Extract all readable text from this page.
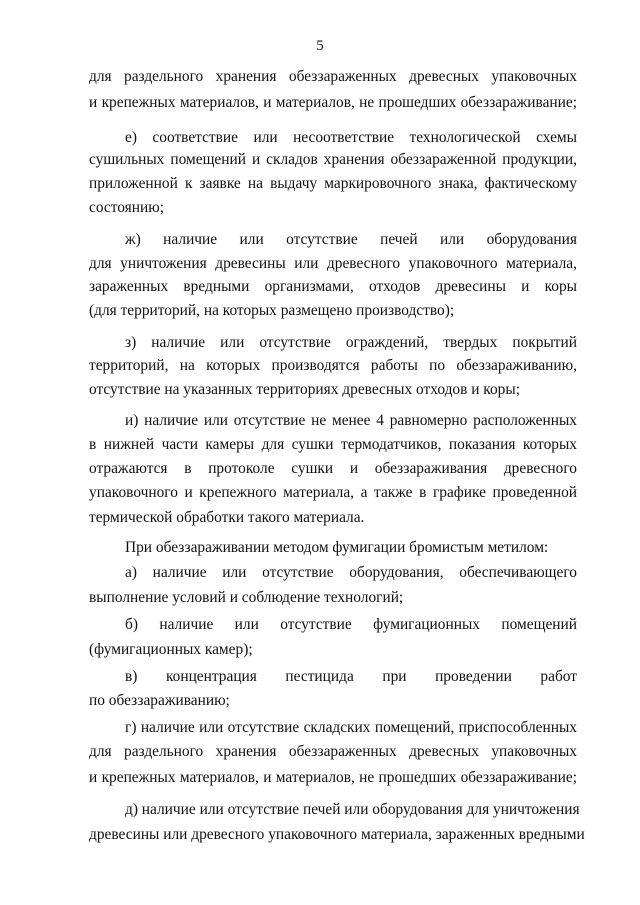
5
для раздельного хранения обеззараженных древесных упаковочных
и крепежных материалов, и материалов, не прошедших обеззараживание;
е) соответствие или несоответствие технологической схемы
сушильных помещений и складов хранения обеззараженной продукции,
приложенной к заявке на выдачу маркировочного знака, фактическому
состоянию;
ж) наличие или отсутствие печей или оборудования
для уничтожения древесины или древесного упаковочного материала,
зараженных вредными организмами, отходов древесины и коры
(для территорий, на которых размещено производство);
з) наличие или отсутствие ограждений, твердых покрытий
территорий, на которых производятся работы по обеззараживанию,
отсутствие на указанных территориях древесных отходов и коры;
и) наличие или отсутствие не менее 4 равномерно расположенных
в нижней части камеры для сушки термодатчиков, показания которых
отражаются в протоколе сушки и обеззараживания древесного
упаковочного и крепежного материала, а также в графике проведенной
термической обработки такого материала.
При обеззараживании методом фумигации бромистым метилом:
а) наличие или отсутствие оборудования, обеспечивающего
выполнение условий и соблюдение технологий;
б) наличие или отсутствие фумигационных помещений
(фумигационных камер);
в) концентрация пестицида при проведении работ
по обеззараживанию;
г) наличие или отсутствие складских помещений, приспособленных
для раздельного хранения обеззараженных древесных упаковочных
и крепежных материалов, и материалов, не прошедших обеззараживание;
д) наличие или отсутствие печей или оборудования для уничтожения
древесины или древесного упаковочного материала, зараженных вредными
